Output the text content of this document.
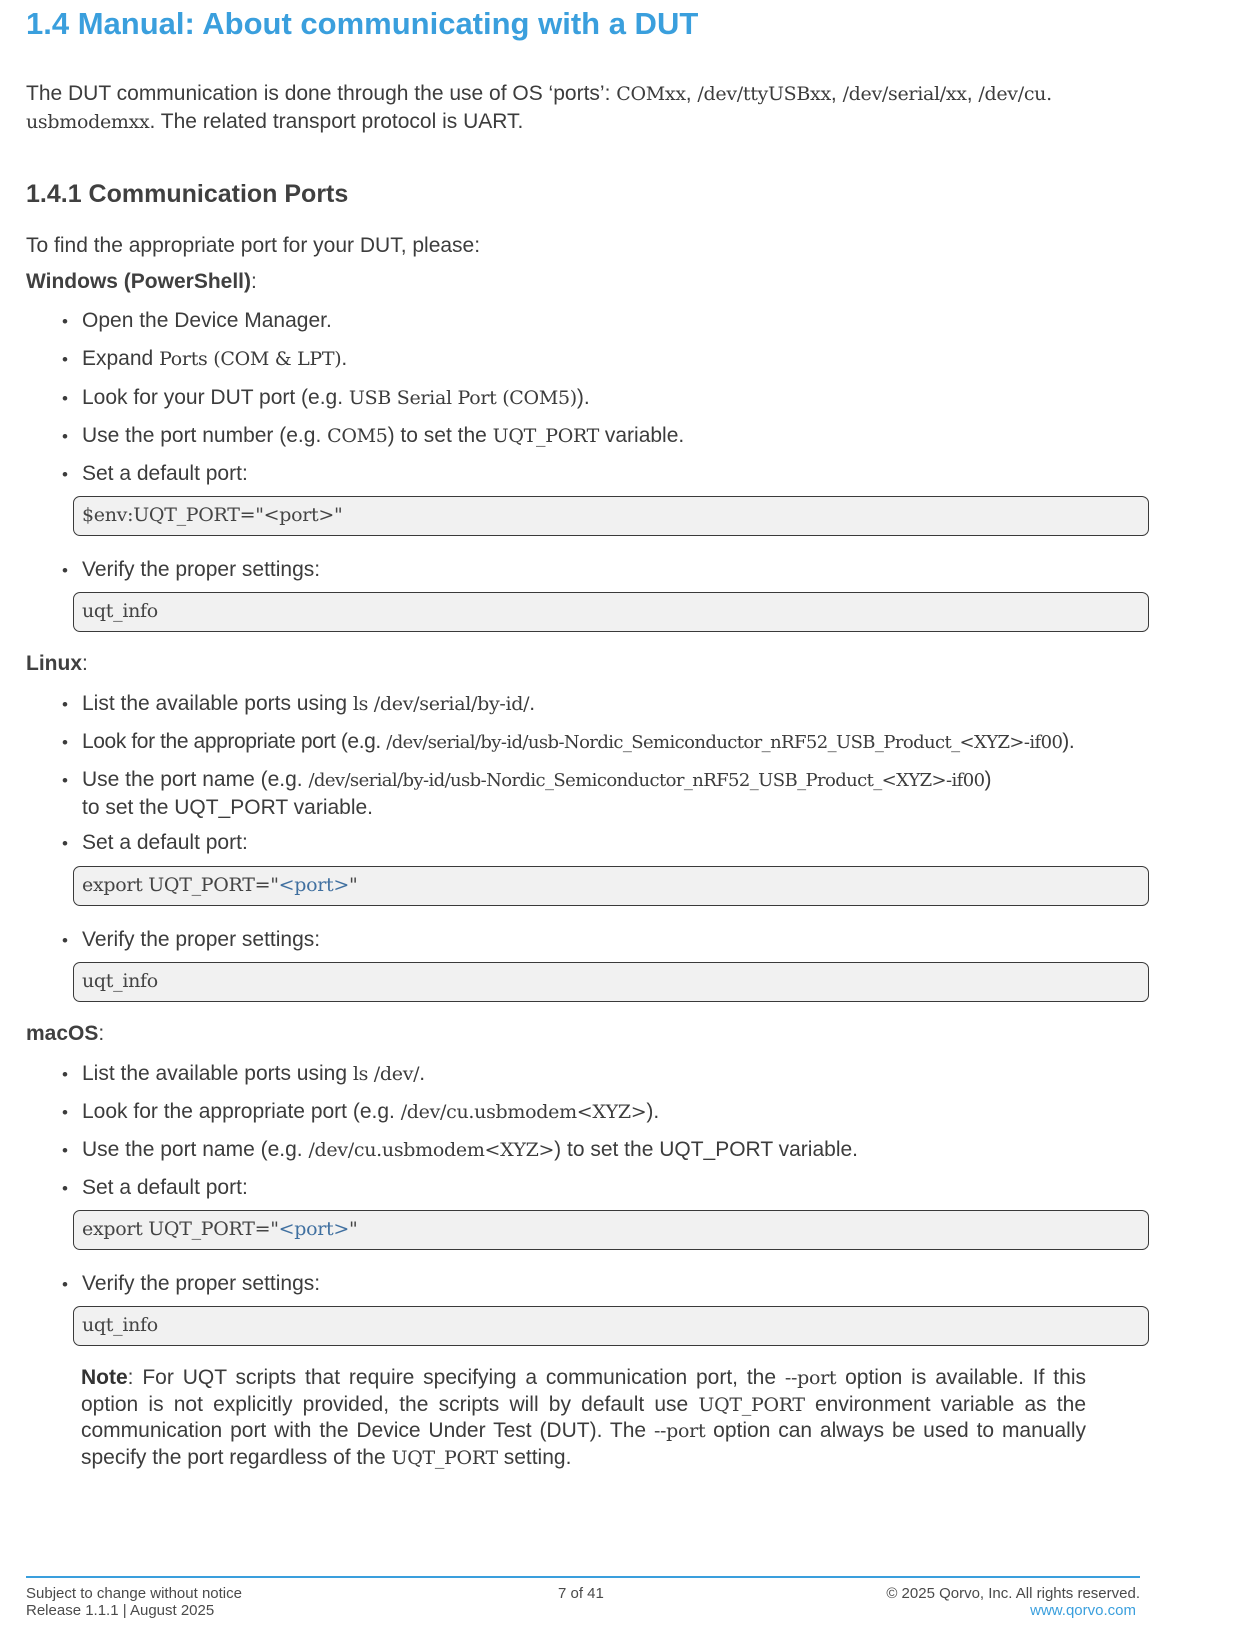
1.4 Manual: About communicating with a DUT
The DUT communication is done through the use of OS ‘ports’: COMxx, /dev/ttyUSBxx, /dev/serial/xx, /dev/cu.
usbmodemxx. The related transport protocol is UART.
1.4.1 Communication Ports
To find the appropriate port for your DUT, please:
Windows (PowerShell):
• Open the Device Manager.
• Expand Ports (COM & LPT).
• Look for your DUT port (e.g. USB Serial Port (COM5)).
• Use the port number (e.g. COM5) to set the UQT_PORT variable.
• Set a default port:
$env:UQT_PORT="<port>"
• Verify the proper settings:
uqt_info
Linux:
• List the available ports using ls /dev/serial/by-id/.
• Look for the appropriate port (e.g. /dev/serial/by-id/usb-Nordic_Semiconductor_nRF52_USB_Product_<XYZ>-if00).
• Use the port name (e.g. /dev/serial/by-id/usb-Nordic_Semiconductor_nRF52_USB_Product_<XYZ>-if00)
to set the UQT_PORT variable.
• Set a default port:
export UQT_PORT="<port>"
• Verify the proper settings:
uqt_info
macOS:
• List the available ports using ls /dev/.
• Look for the appropriate port (e.g. /dev/cu.usbmodem<XYZ>).
• Use the port name (e.g. /dev/cu.usbmodem<XYZ>) to set the UQT_PORT variable.
• Set a default port:
export UQT_PORT="<port>"
• Verify the proper settings:
uqt_info
Note: For UQT scripts that require specifying a communication port, the --port option is available. If this option is not explicitly provided, the scripts will by default use UQT_PORT environment variable as the communication port with the Device Under Test (DUT). The --port option can always be used to manually specify the port regardless of the UQT_PORT setting.
Subject to change without notice
Release 1.1.1 | August 2025
7 of 41	© 2025 Qorvo, Inc. All rights reserved.
www.qorvo.com
